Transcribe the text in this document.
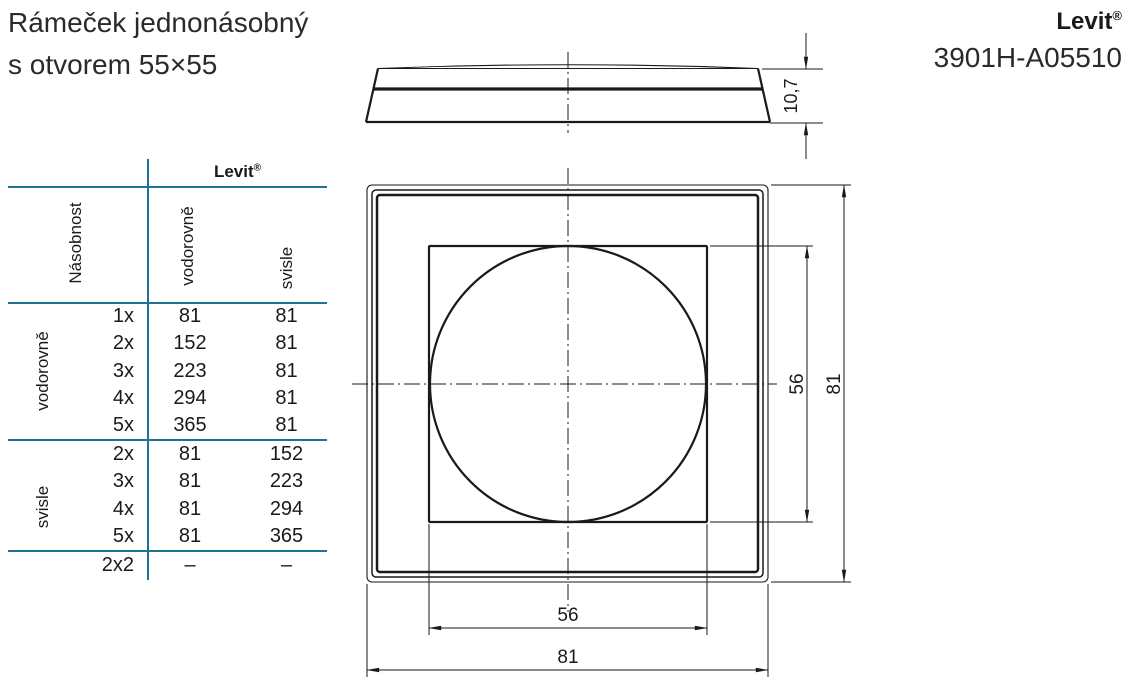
Rámeček jednonásobný
s otvorem 55×55
Levit®
3901H-A05510
Levit®
Násobnost	vodorovně	svisle
vodorovně
svisle
1x	81	81
2x	152	81
3x	223	81
4x	294	81
5x	365	81
2x	81	152
3x	81	223
4x	81	294
5x	81	365
2x2	–	–
10,7
56 81
56
81
